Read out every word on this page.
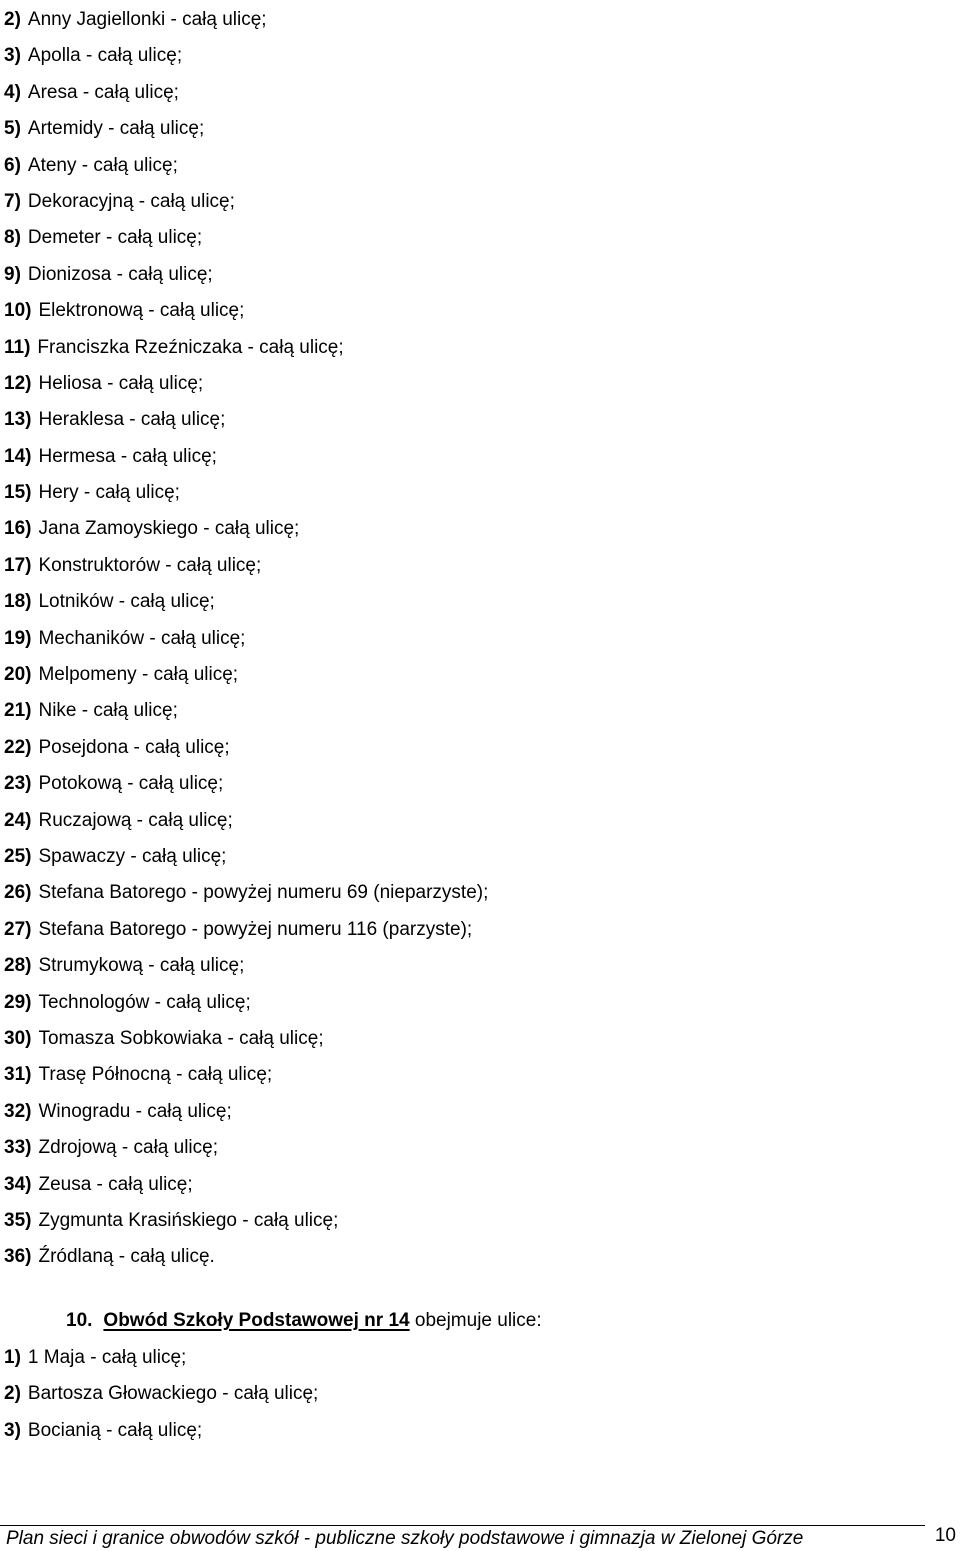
2) Anny Jagiellonki - całą ulicę;
3) Apolla - całą ulicę;
4) Aresa - całą ulicę;
5) Artemidy - całą ulicę;
6) Ateny - całą ulicę;
7) Dekoracyjną - całą ulicę;
8) Demeter - całą ulicę;
9) Dionizosa - całą ulicę;
10) Elektronową - całą ulicę;
11) Franciszka Rzeźniczaka - całą ulicę;
12) Heliosa - całą ulicę;
13) Heraklesa - całą ulicę;
14) Hermesa - całą ulicę;
15) Hery - całą ulicę;
16) Jana Zamoyskiego - całą ulicę;
17) Konstruktorów - całą ulicę;
18) Lotników - całą ulicę;
19) Mechaników - całą ulicę;
20) Melpomeny - całą ulicę;
21) Nike - całą ulicę;
22) Posejdona - całą ulicę;
23) Potokową - całą ulicę;
24) Ruczajową - całą ulicę;
25) Spawaczy - całą ulicę;
26) Stefana Batorego - powyżej numeru 69 (nieparzyste);
27) Stefana Batorego - powyżej numeru 116 (parzyste);
28) Strumykową - całą ulicę;
29) Technologów - całą ulicę;
30) Tomasza Sobkowiaka - całą ulicę;
31) Trasę Północną - całą ulicę;
32) Winogradu - całą ulicę;
33) Zdrojową - całą ulicę;
34) Zeusa - całą ulicę;
35) Zygmunta Krasińskiego - całą ulicę;
36) Źródlaną - całą ulicę.
10. Obwód Szkoły Podstawowej nr 14 obejmuje ulice:
1) 1 Maja - całą ulicę;
2) Bartosza Głowackiego - całą ulicę;
3) Bocianią - całą ulicę;
Plan sieci i granice obwodów szkół - publiczne szkoły podstawowe i gimnazja w Zielonej Górze	10
